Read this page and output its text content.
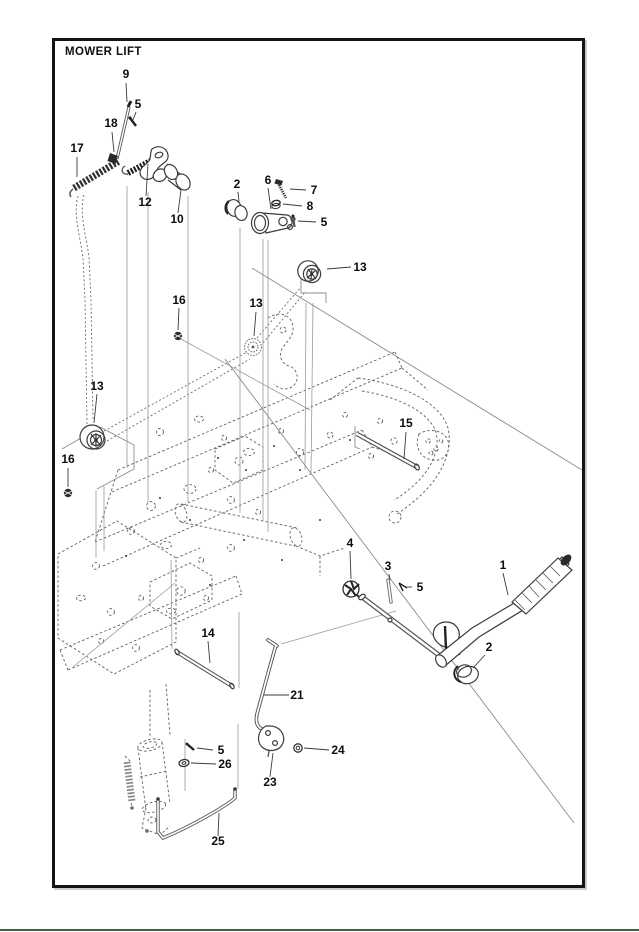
MOWER LIFT
9
5
18
17
12
10
2 6
7
8
5
13
16	13
13
16
15
4
3
5
1
2
14
21
5
26
24
23
25
